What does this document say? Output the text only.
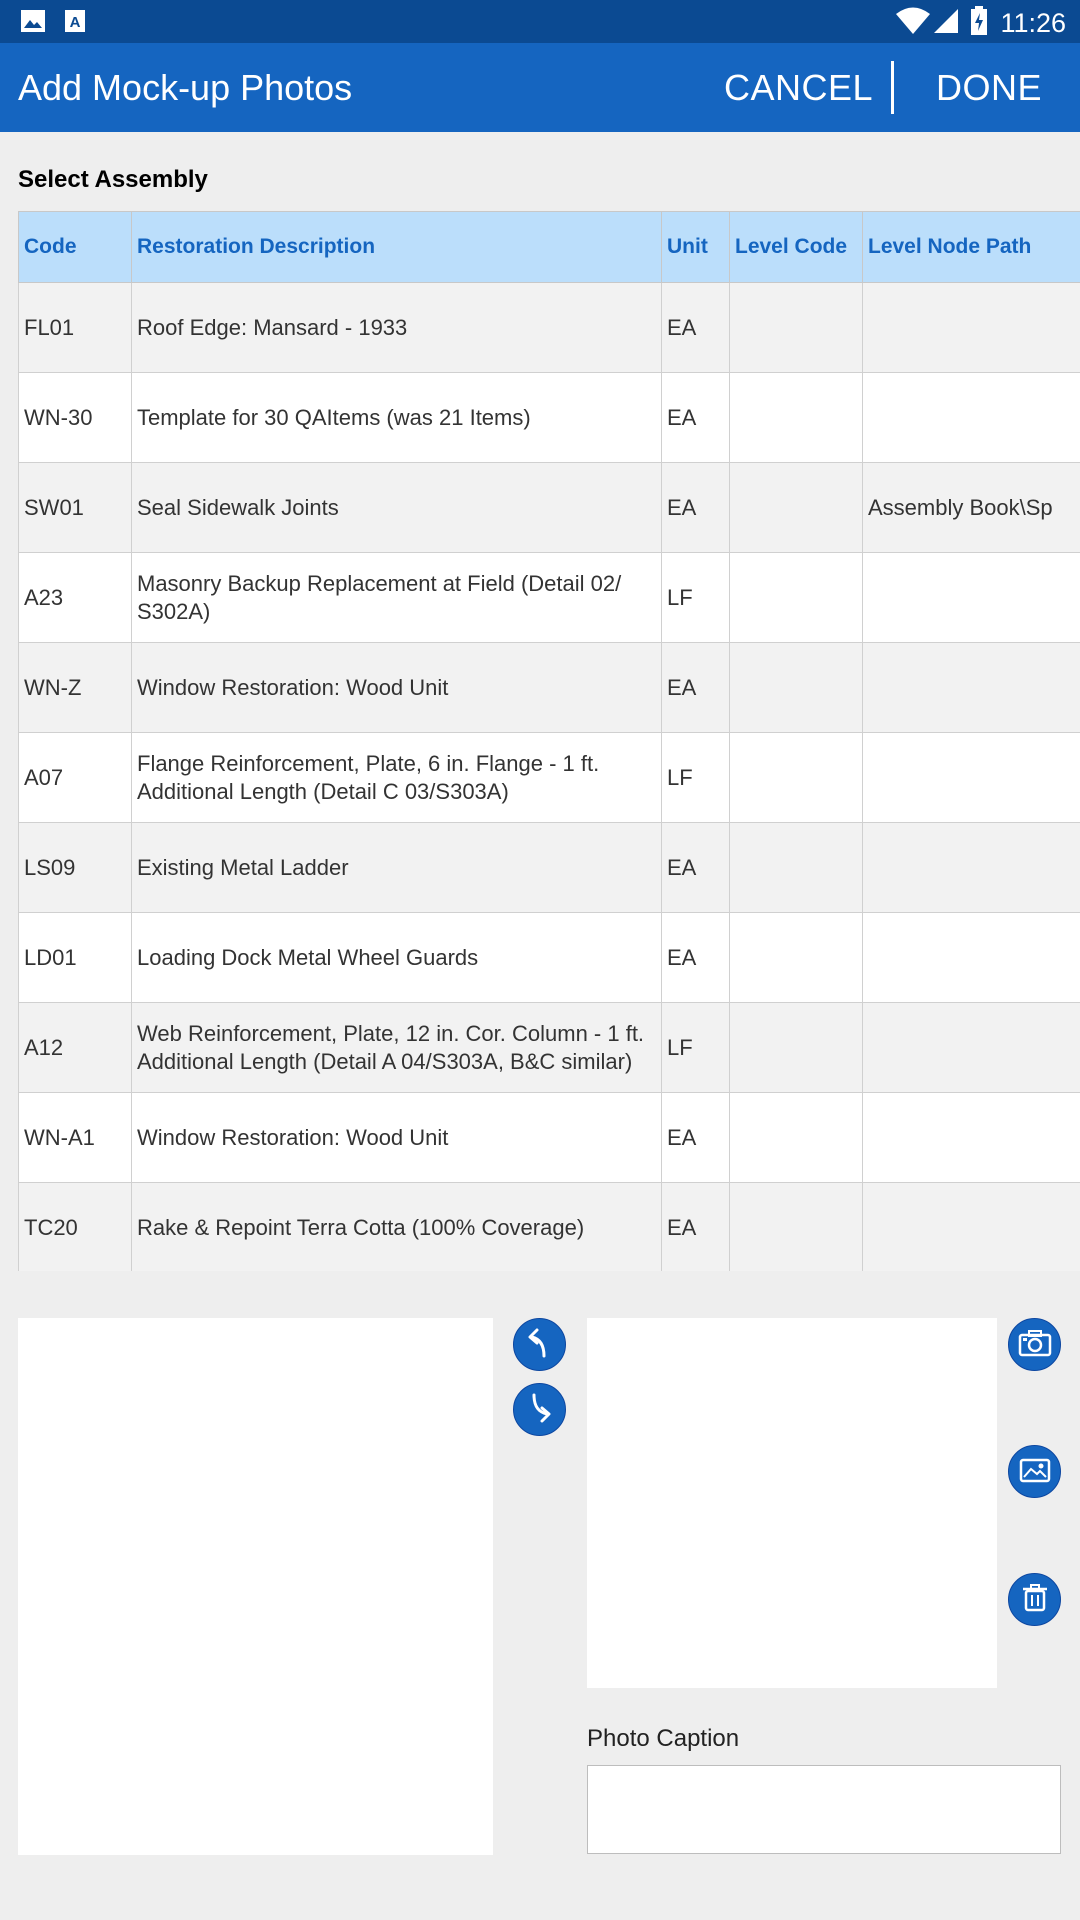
A	11:26
Add Mock-up Photos	CANCEL DONE
Select Assembly
Code	Restoration Description	Unit	Level Code	Level Node Path
FL01	Roof Edge: Mansard - 1933	EA		
WN-30	Template for 30 QAItems (was 21 Items)	EA		
SW01	Seal Sidewalk Joints	EA		Assembly Book\Sp
A23	Masonry Backup Replacement at Field (Detail 02/ S302A)	LF		
WN-Z	Window Restoration: Wood Unit	EA		
A07	Flange Reinforcement, Plate, 6 in. Flange - 1 ft. Additional Length (Detail C 03/S303A)	LF		
LS09	Existing Metal Ladder	EA		
LD01	Loading Dock Metal Wheel Guards	EA		
A12	Web Reinforcement, Plate, 12 in. Cor. Column - 1 ft. Additional Length (Detail A 04/S303A, B&C similar)	LF		
WN-A1	Window Restoration: Wood Unit	EA		
TC20	Rake & Repoint Terra Cotta (100% Coverage)	EA		

Photo Caption
